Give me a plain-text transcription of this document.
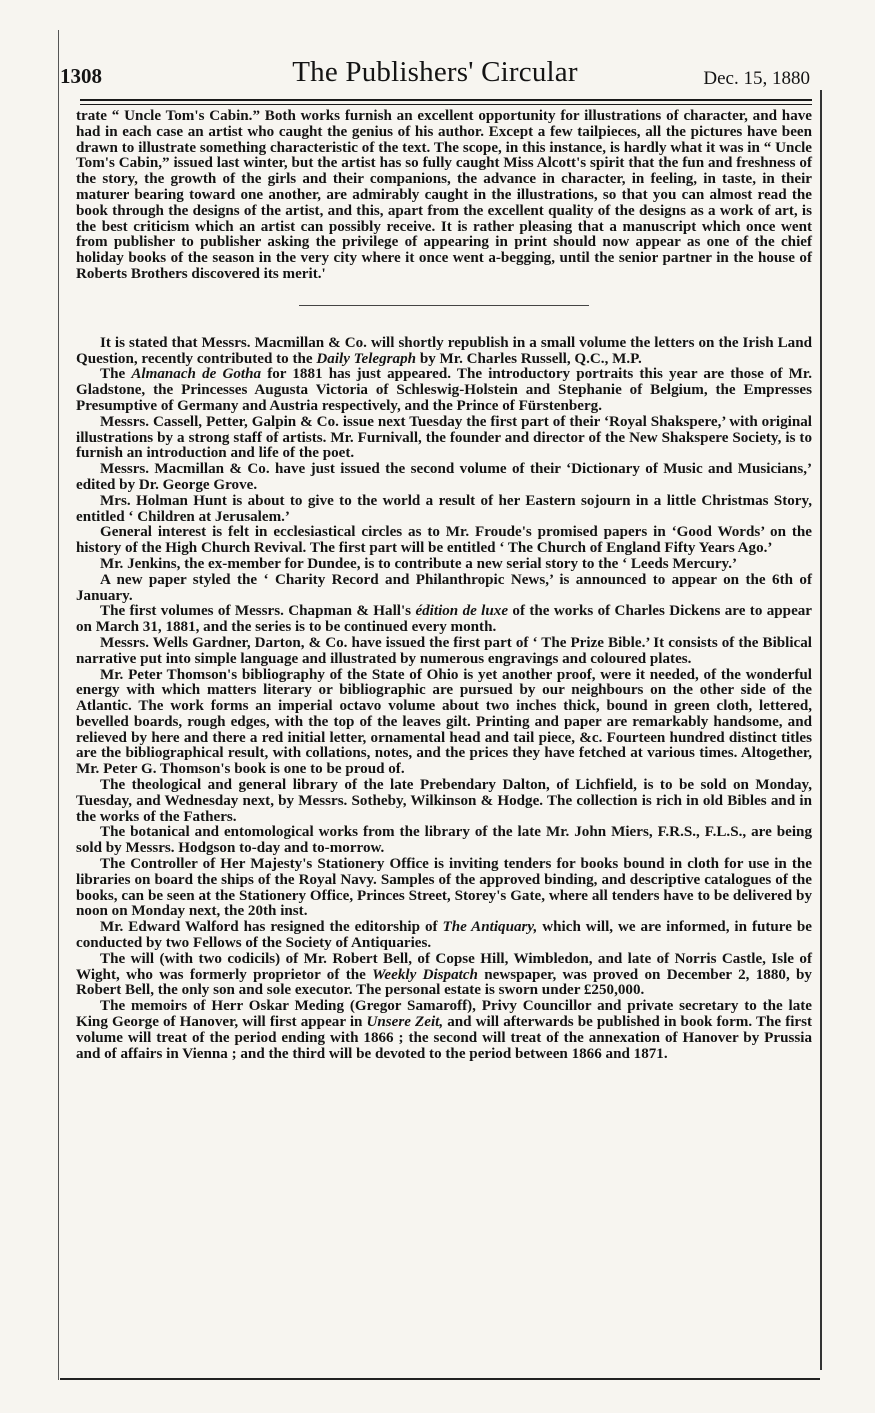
1308	The Publishers' Circular	Dec. 15, 1880

trate “ Uncle Tom's Cabin.” Both works furnish an excellent opportunity for illustrations of character, and have had in each case an artist who caught the genius of his author. Except a few tailpieces, all the pictures have been drawn to illustrate something characteristic of the text. The scope, in this instance, is hardly what it was in “ Uncle Tom's Cabin,” issued last winter, but the artist has so fully caught Miss Alcott's spirit that the fun and freshness of the story, the growth of the girls and their companions, the advance in character, in feeling, in taste, in their maturer bearing toward one another, are admirably caught in the illustrations, so that you can almost read the book through the designs of the artist, and this, apart from the excellent quality of the designs as a work of art, is the best criticism which an artist can possibly receive. It is rather pleasing that a manuscript which once went from publisher to publisher asking the privilege of appearing in print should now appear as one of the chief holiday books of the season in the very city where it once went a-begging, until the senior partner in the house of Roberts Brothers discovered its merit.'

It is stated that Messrs. Macmillan & Co. will shortly republish in a small volume the letters on the Irish Land Question, recently contributed to the Daily Telegraph by Mr. Charles Russell, Q.C., M.P.

The Almanach de Gotha for 1881 has just appeared. The introductory portraits this year are those of Mr. Gladstone, the Princesses Augusta Victoria of Schleswig-Holstein and Stephanie of Belgium, the Empresses Presumptive of Germany and Austria respectively, and the Prince of Fürstenberg.

Messrs. Cassell, Petter, Galpin & Co. issue next Tuesday the first part of their ‘Royal Shakspere,’ with original illustrations by a strong staff of artists. Mr. Furnivall, the founder and director of the New Shakspere Society, is to furnish an introduction and life of the poet.

Messrs. Macmillan & Co. have just issued the second volume of their ‘Dictionary of Music and Musicians,’ edited by Dr. George Grove.

Mrs. Holman Hunt is about to give to the world a result of her Eastern sojourn in a little Christmas Story, entitled ‘ Children at Jerusalem.’

General interest is felt in ecclesiastical circles as to Mr. Froude's promised papers in ‘Good Words’ on the history of the High Church Revival. The first part will be entitled ‘ The Church of England Fifty Years Ago.’

Mr. Jenkins, the ex-member for Dundee, is to contribute a new serial story to the ‘ Leeds Mercury.’

A new paper styled the ‘ Charity Record and Philanthropic News,’ is announced to appear on the 6th of January.

The first volumes of Messrs. Chapman & Hall's édition de luxe of the works of Charles Dickens are to appear on March 31, 1881, and the series is to be continued every month.

Messrs. Wells Gardner, Darton, & Co. have issued the first part of ‘ The Prize Bible.’ It consists of the Biblical narrative put into simple language and illustrated by numerous engravings and coloured plates.

Mr. Peter Thomson's bibliography of the State of Ohio is yet another proof, were it needed, of the wonderful energy with which matters literary or bibliographic are pursued by our neighbours on the other side of the Atlantic. The work forms an imperial octavo volume about two inches thick, bound in green cloth, lettered, bevelled boards, rough edges, with the top of the leaves gilt. Printing and paper are remarkably handsome, and relieved by here and there a red initial letter, ornamental head and tail piece, &c. Fourteen hundred distinct titles are the bibliographical result, with collations, notes, and the prices they have fetched at various times. Altogether, Mr. Peter G. Thomson's book is one to be proud of.

The theological and general library of the late Prebendary Dalton, of Lichfield, is to be sold on Monday, Tuesday, and Wednesday next, by Messrs. Sotheby, Wilkinson & Hodge. The collection is rich in old Bibles and in the works of the Fathers.

The botanical and entomological works from the library of the late Mr. John Miers, F.R.S., F.L.S., are being sold by Messrs. Hodgson to-day and to-morrow.

The Controller of Her Majesty's Stationery Office is inviting tenders for books bound in cloth for use in the libraries on board the ships of the Royal Navy. Samples of the approved binding, and descriptive catalogues of the books, can be seen at the Stationery Office, Princes Street, Storey's Gate, where all tenders have to be delivered by noon on Monday next, the 20th inst.

Mr. Edward Walford has resigned the editorship of The Antiquary, which will, we are informed, in future be conducted by two Fellows of the Society of Antiquaries.

The will (with two codicils) of Mr. Robert Bell, of Copse Hill, Wimbledon, and late of Norris Castle, Isle of Wight, who was formerly proprietor of the Weekly Dispatch newspaper, was proved on December 2, 1880, by Robert Bell, the only son and sole executor. The personal estate is sworn under £250,000.

The memoirs of Herr Oskar Meding (Gregor Samaroff), Privy Councillor and private secretary to the late King George of Hanover, will first appear in Unsere Zeit, and will afterwards be published in book form. The first volume will treat of the period ending with 1866 ; the second will treat of the annexation of Hanover by Prussia and of affairs in Vienna ; and the third will be devoted to the period between 1866 and 1871.
